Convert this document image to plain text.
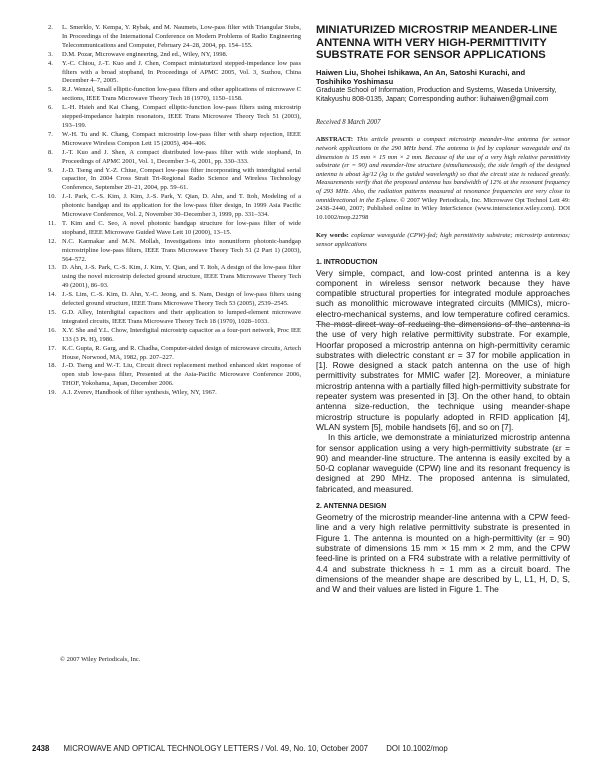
2.	L. Smerklo, Y. Kempa, Y. Rybak, and M. Naumets, Low-pass filter with Triangular Stubs, In Proceedings of the International Conference on Modern Problems of Radio Engineering Telecommunications and Computer, February 24–28, 2004, pp. 154–155.
3.	D.M. Pozar, Microwave engineering, 2nd ed., Wiley, NY, 1998.
4.	Y.-C. Chiou, J.-T. Kuo and J. Chen, Compact miniaturized stepped-impedance low pass filters with a broad stopband, In Proceedings of APMC 2005, Vol. 3, Suzhou, China December 4–7, 2005.
5.	R.J. Wenzel, Small elliptic-function low-pass filters and other applications of microwave C sections, IEEE Trans Microwave Theory Tech 18 (1970), 1150–1158.
6.	L.-H. Hsieh and Kai Chang, Compact elliptic-function low-pass filters using microstrip stepped-impedance hairpin resonators, IEEE Trans Microwave Theory Tech 51 (2003), 193–199.
7.	W.-H. Tu and K. Chang, Compact microstrip low-pass filter with sharp rejection, IEEE Microwave Wireless Compon Lett 15 (2005), 404–406.
8.	J.-T. Kuo and J. Shen, A compact distributed low-pass filter with wide stopband, In Proceedings of APMC 2001, Vol. 1, December 3–6, 2001, pp. 330–333.
9.	J.-D. Tseng and Y.-Z. Chiue, Compact low-pass filter incorporating with interdigital serial capacitor, In 2004 Cross Strait Tri-Regional Radio Science and Wireless Technology Conference, September 20–21, 2004, pp. 59–61.
10. J.-I. Park, C.-S. Kim, J. Kim, J.-S. Park, Y. Qian, D. Ahn, and T. Itoh, Modeling of a photonic bandgap and its application for the low-pass filter design, In 1999 Asia Pacific Microwave Conference, Vol. 2, November 30–December 3, 1999, pp. 331–334.
11. T. Kim and C. Seo, A novel photonic bandgap structure for low-pass filter of wide stopband, IEEE Microwave Guided Wave Lett 10 (2000), 13–15.
12. N.C. Karmakar and M.N. Mollah, Investigations into nonuniform photonic-bandgap microstripline low-pass filters, IEEE Trans Microwave Theory Tech 51 (2 Part 1) (2003), 564–572.
13. D. Ahn, J.-S. Park, C.-S. Kim, J. Kim, Y. Qian, and T. Itoh, A design of the low-pass filter using the novel microstrip defected ground structure, IEEE Trans Microwave Theory Tech 49 (2001), 86–93.
14. J.-S. Lim, C.-S. Kim, D. Ahn, Y.-C. Jeong, and S. Nam, Design of low-pass filters using defected ground structure, IEEE Trans Microwave Theory Tech 53 (2005), 2539–2545.
15. G.D. Alley, Interdigital capacitors and their application to lumped-element microwave integrated circuits, IEEE Trans Microwave Theory Tech 18 (1970), 1028–1033.
16. X.Y. She and Y.L. Chow, Interdigital microstrip capacitor as a four-port network, Proc IEE 133 (3 Pt. H), 1986.
17. K.C. Gupta, R. Garg, and R. Chadha, Computer-aided design of microwave circuits, Artech House, Norwood, MA, 1982, pp. 207–227.
18. J.-D. Tseng and W.-T. Liu, Circuit direct replacement method enhanced skirt response of open stub low-pass filter, Presented at the Asia-Pacific Microwave Conference 2006, THOF, Yokohama, Japan, December 2006.
19. A.I. Zverev, Handbook of filter synthesis, Wiley, NY, 1967.
© 2007 Wiley Periodicals, Inc.
MINIATURIZED MICROSTRIP MEANDER-LINE ANTENNA WITH VERY HIGH-PERMITTIVITY SUBSTRATE FOR SENSOR APPLICATIONS

Haiwen Liu, Shohei Ishikawa, An An, Satoshi Kurachi, and

Toshihiko Yoshimasu

Graduate School of Information, Production and Systems, Waseda University, Kitakyushu 808-0135, Japan; Corresponding author: liuhaiwen@gmail.com

Received 8 March 2007
ABSTRACT: This article presents a compact microstrip meander-line antenna for sensor network applications in the 290 MHz band. The antenna is fed by coplanar waveguide and its dimension is 15 mm × 15 mm × 2 mm. Because of the use of a very high relative permittivity substrate (εr = 90) and meander-line structure (simultaneously, the side length of the designed antenna is about λg/12 (λg is the guided wavelength) so that the circuit size is reduced greatly. Measurements verify that the proposed antenna has bandwidth of 12% at the resonant frequency of 293 MHz. Also, the radiation patterns measured at resonance frequencies are very close to omnidirectional in the E-plane. © 2007 Wiley Periodicals, Inc. Microwave Opt Technol Lett 49: 2438–2440, 2007; Published online in Wiley InterScience (www.interscience.wiley.com). DOI 10.1002/mop.22798
Key words: coplanar waveguide (CPW)-fed; high permittivity substrate; microstrip antennas; sensor applications
1. INTRODUCTION

Very simple, compact, and low-cost printed antenna is a key component in wireless sensor network because they have compatible structural properties for integrated module approaches such as monolithic microwave integrated circuits (MMICs), micro-electro-mechanical systems, and low temperature cofired ceramics. The most direct way of reducing the dimensions of the antenna is the use of very high relative permittivity substrate. For example, Hoorfar proposed a microstrip antenna on high-permittivity ceramic substrates with dielectric constant εr = 37 for mobile application in [1]. Rowe designed a stack patch antenna on the use of high permittivity substrates for MMIC wafer [2]. Moreover, a miniature microstrip antenna with a partially filled high-permittivity substrate for repeater system was presented in [3]. On the other hand, to obtain antenna size-reduction, the technique using meander-shape microstrip structure is popularly adopted in RFID application [4], WLAN system [5], mobile handsets [6], and so on [7].

In this article, we demonstrate a miniaturized microstrip antenna for sensor application using a very high-permittivity substrate (εr = 90) and meander-line structure. The antenna is easily excited by a 50-Ω coplanar waveguide (CPW) line and its resonant frequency is designed at 290 MHz. The proposed antenna is simulated, fabricated, and measured.

2. ANTENNA DESIGN

Geometry of the microstrip meander-line antenna with a CPW feed-line and a very high relative permittivity substrate is presented in Figure 1. The antenna is mounted on a high-permittivity (εr = 90) substrate of dimensions 15 mm × 15 mm × 2 mm, and the CPW feed-line is printed on a FR4 substrate with a relative permittivity of 4.4 and substrate thickness h = 1 mm as a circuit board. The dimensions of the meander shape are described by L, L1, H, D, S, and W and their values are listed in Figure 1. The

2438 MICROWAVE AND OPTICAL TECHNOLOGY LETTERS / Vol. 49, No. 10, October 2007 DOI 10.1002/mop
